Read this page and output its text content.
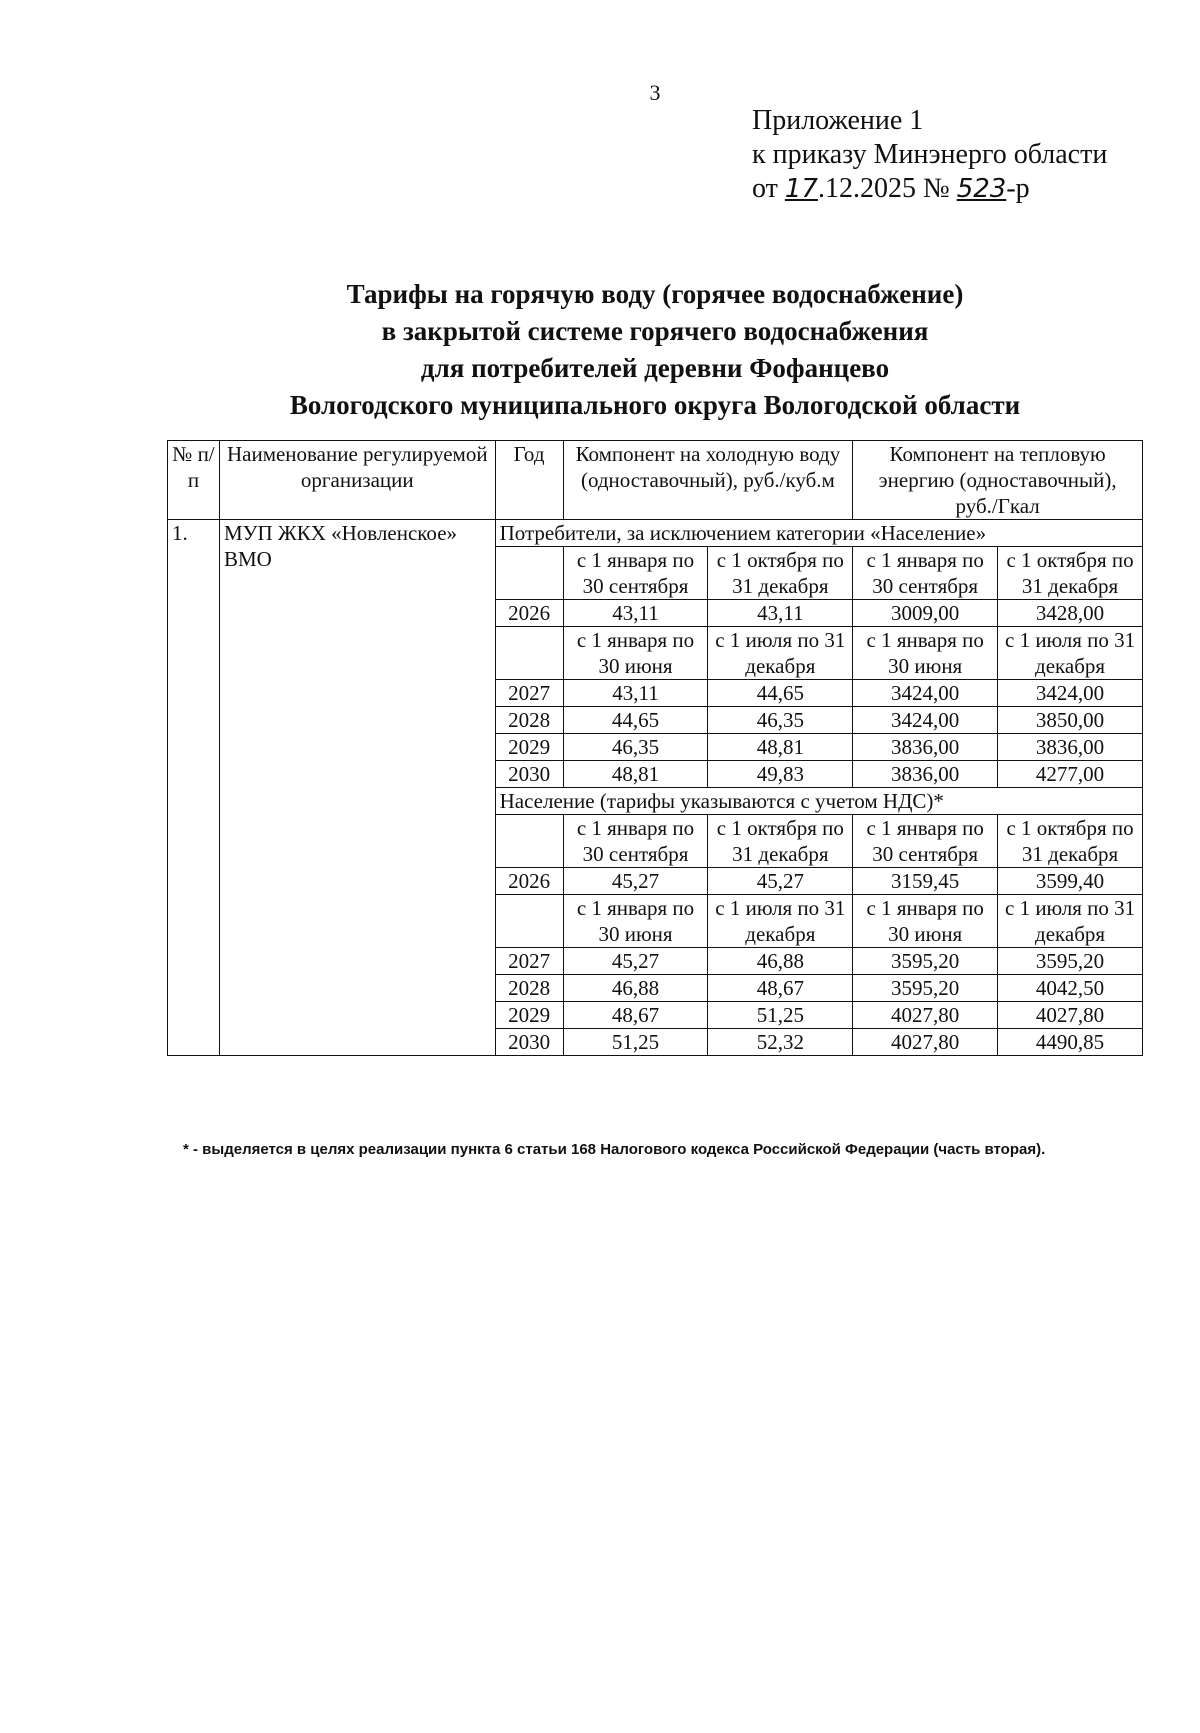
3
Приложение 1
к приказу Минэнерго области
от 17.12.2025 № 523-р
Тарифы на горячую воду (горячее водоснабжение)
в закрытой системе горячего водоснабжения
для потребителей деревни Фофанцево
Вологодского муниципального округа Вологодской области
№ п/п	Наименование регулируемой организации	Год	Компонент на холодную воду (одноставочный), руб./куб.м		Компонент на тепловую энергию (одноставочный), руб./Гкал	
1.	МУП ЖКХ «Новленское» ВМО	Потребители, за исключением категории «Население»				
			с 1 января по 30 сентября	с 1 октября по 31 декабря	с 1 января по 30 сентября	с 1 октября по 31 декабря
		2026	43,11	43,11	3009,00	3428,00
			с 1 января по 30 июня	с 1 июля по 31 декабря	с 1 января по 30 июня	с 1 июля по 31 декабря
		2027	43,11	44,65	3424,00	3424,00
		2028	44,65	46,35	3424,00	3850,00
		2029	46,35	48,81	3836,00	3836,00
		2030	48,81	49,83	3836,00	4277,00
		Население (тарифы указываются с учетом НДС)*				
			с 1 января по 30 сентября	с 1 октября по 31 декабря	с 1 января по 30 сентября	с 1 октября по 31 декабря
		2026	45,27	45,27	3159,45	3599,40
			с 1 января по 30 июня	с 1 июля по 31 декабря	с 1 января по 30 июня	с 1 июля по 31 декабря
		2027	45,27	46,88	3595,20	3595,20
		2028	46,88	48,67	3595,20	4042,50
		2029	48,67	51,25	4027,80	4027,80
		2030	51,25	52,32	4027,80	4490,85
* - выделяется в целях реализации пункта 6 статьи 168 Налогового кодекса Российской Федерации (часть вторая).
